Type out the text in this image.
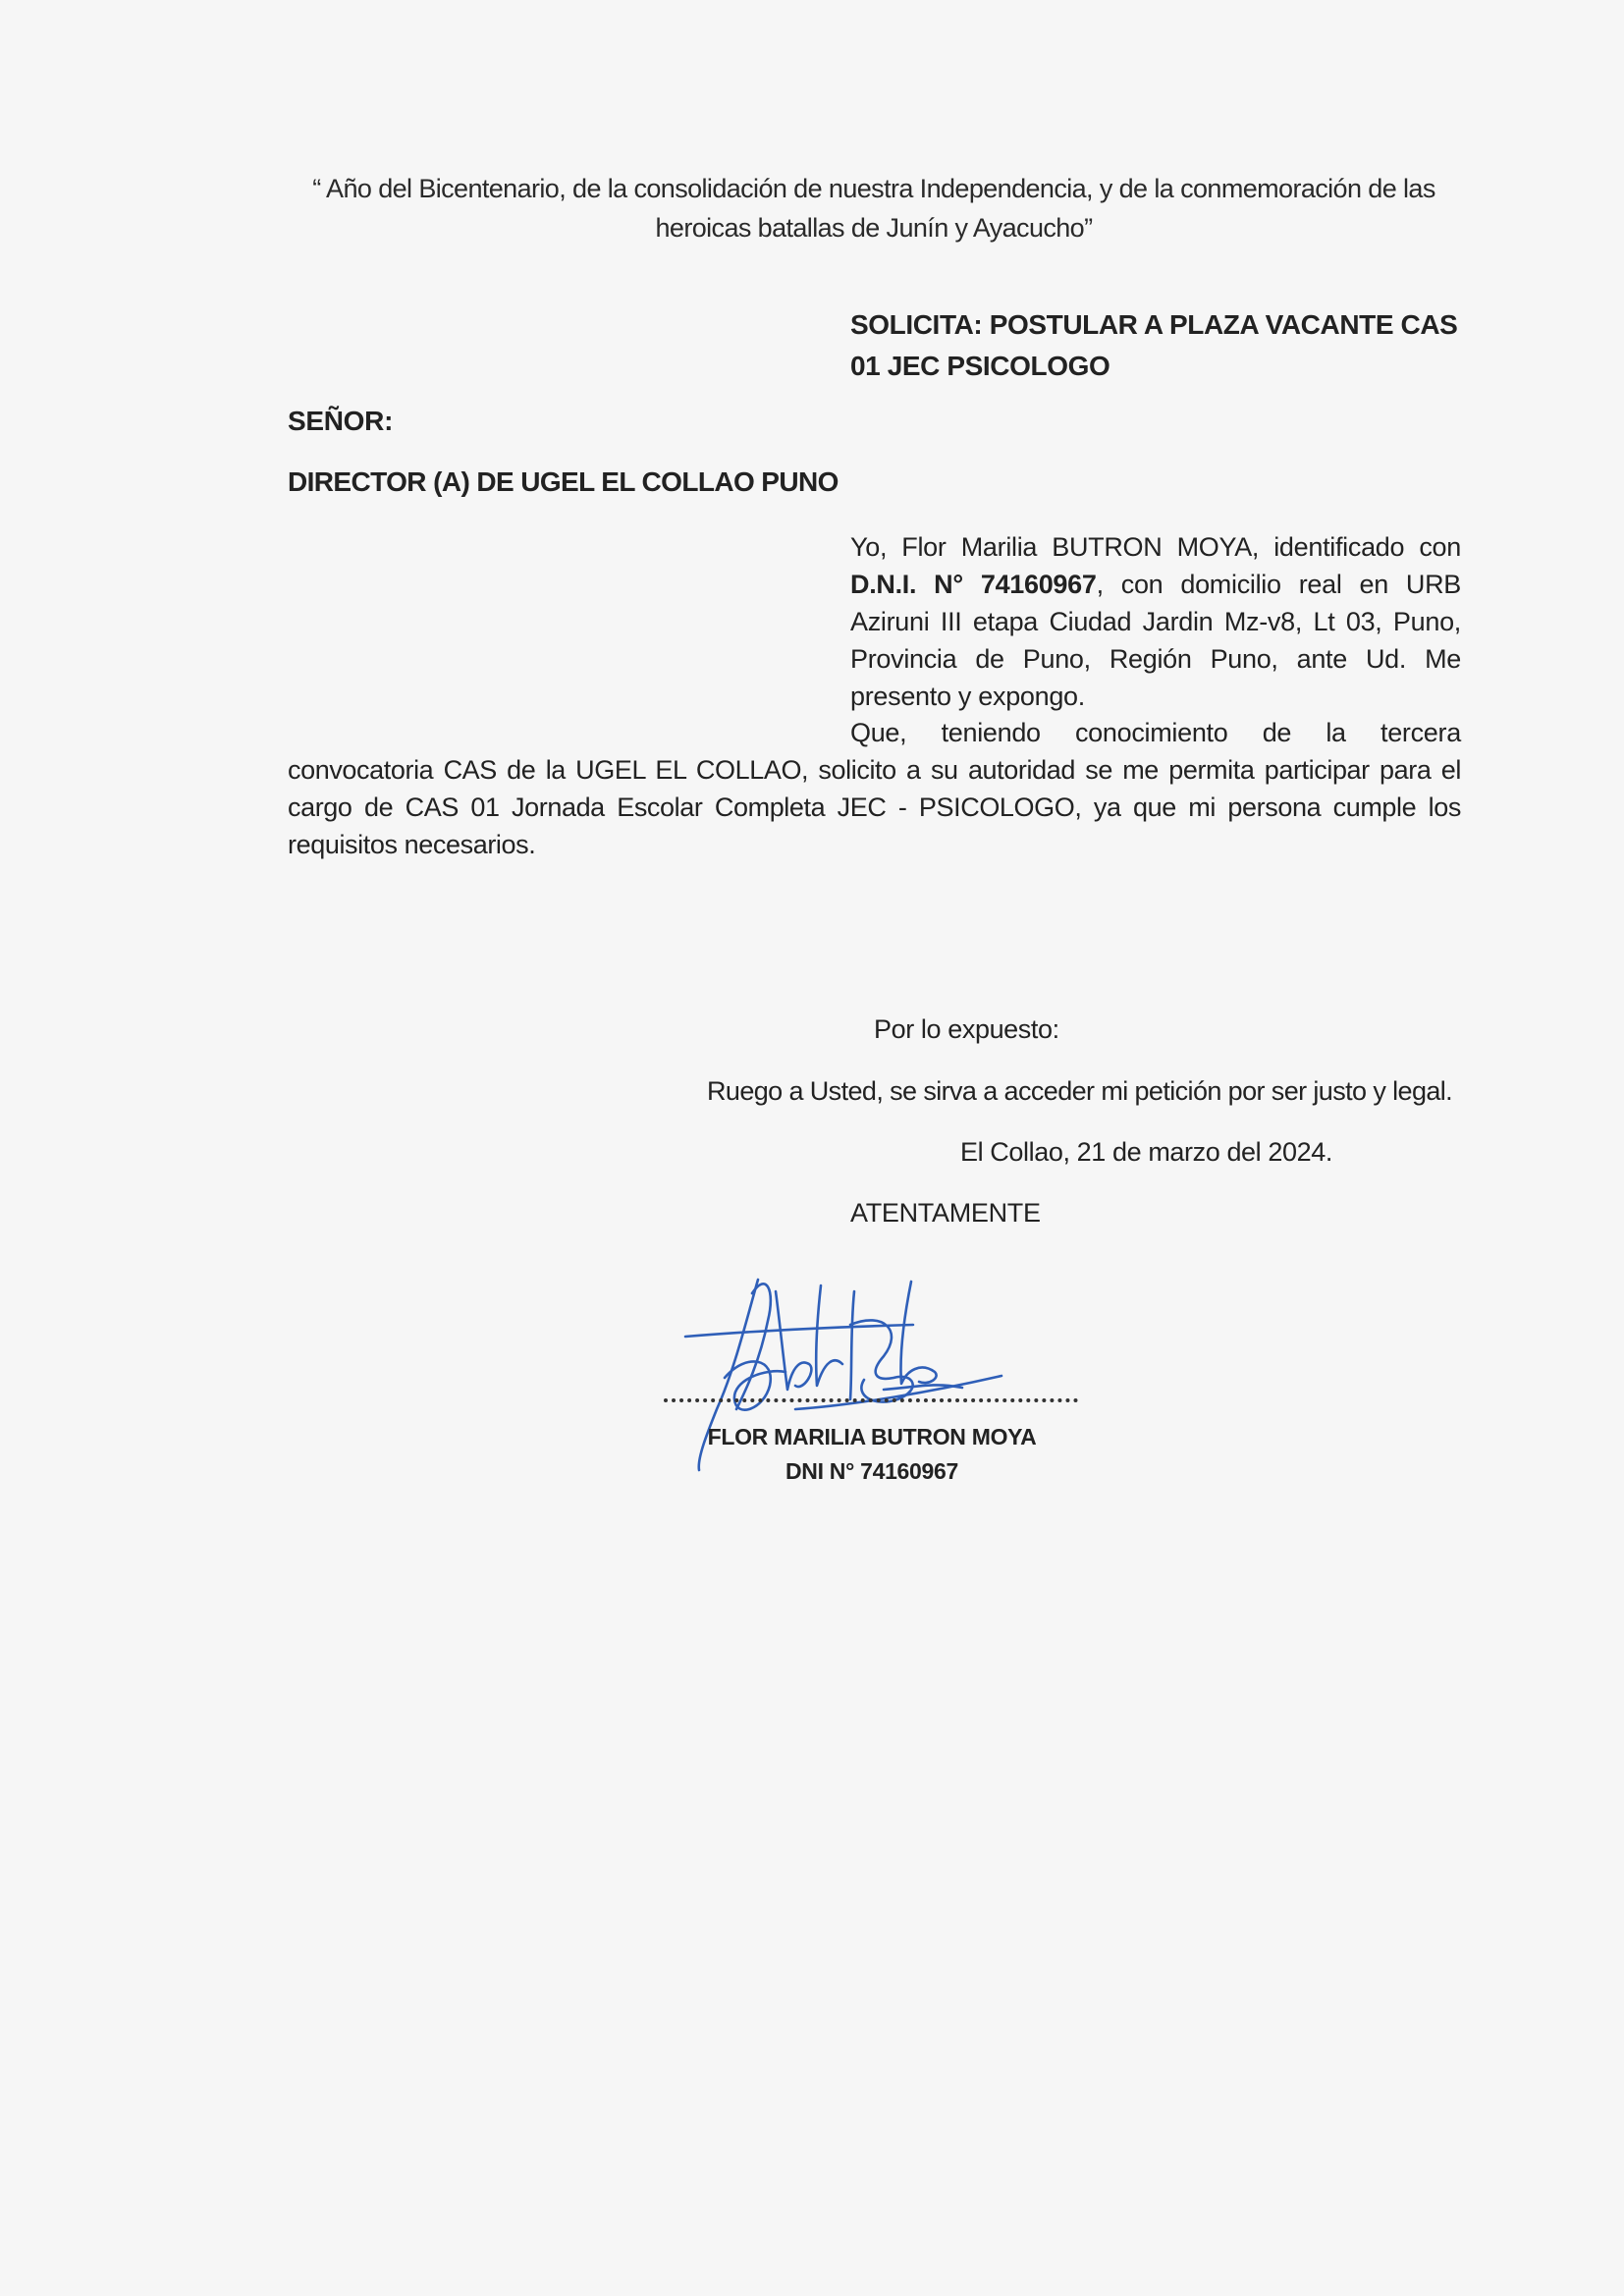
“ Año del Bicentenario, de la consolidación de nuestra Independencia, y de la conmemoración de las
heroicas batallas de Junín y Ayacucho”
SOLICITA: POSTULAR A PLAZA VACANTE CAS 01 JEC PSICOLOGO
SEÑOR:
DIRECTOR (A) DE UGEL EL COLLAO PUNO
Yo, Flor Marilia BUTRON MOYA, identificado con D.N.I. N° 74160967, con domicilio real en URB Aziruni III etapa Ciudad Jardin Mz-v8, Lt 03, Puno, Provincia de Puno, Región Puno, ante Ud. Me presento y expongo.
Que, teniendo conocimiento de la tercera
convocatoria CAS de la UGEL EL COLLAO, solicito a su autoridad se me permita participar para el cargo de CAS 01 Jornada Escolar Completa JEC - PSICOLOGO, ya que mi persona cumple los requisitos necesarios.
Por lo expuesto:
Ruego a Usted, se sirva a acceder mi petición por ser justo y legal.
El Collao, 21 de marzo del 2024.
ATENTAMENTE
FLOR MARILIA BUTRON MOYA
DNI N° 74160967
